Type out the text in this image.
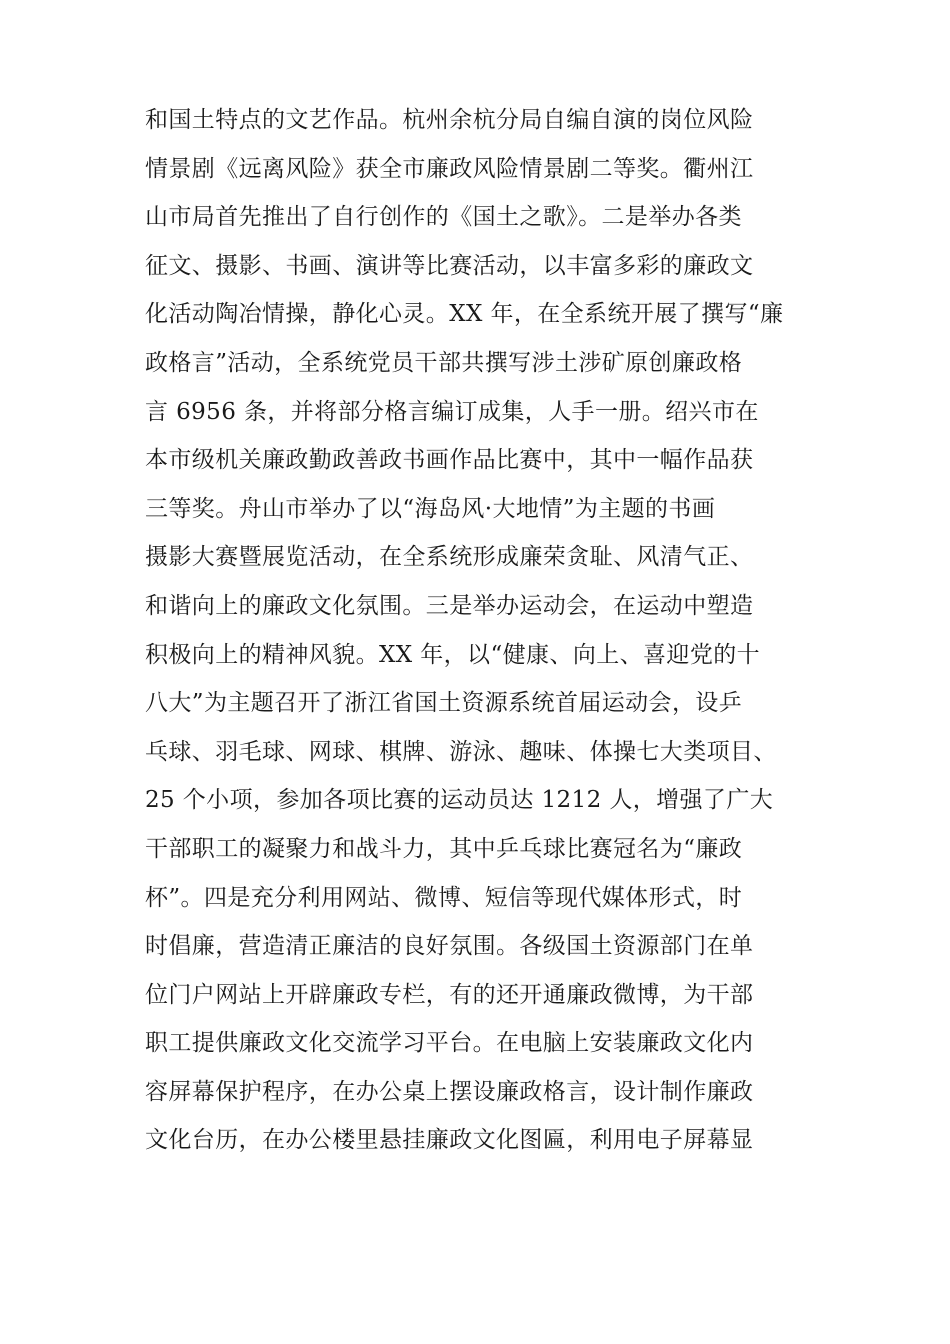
和国土特点的文艺作品。杭州余杭分局自编自演的岗位风险
情景剧《远离风险》获全市廉政风险情景剧二等奖。衢州江
山市局首先推出了自行创作的《国土之歌》。二是举办各类
征文、摄影、书画、演讲等比赛活动，以丰富多彩的廉政文
化活动陶冶情操，静化心灵。XX 年，在全系统开展了撰写“廉
政格言”活动，全系统党员干部共撰写涉土涉矿原创廉政格
言 6956 条，并将部分格言编订成集，人手一册。绍兴市在
本市级机关廉政勤政善政书画作品比赛中，其中一幅作品获
三等奖。舟山市举办了以“海岛风·大地情”为主题的书画
摄影大赛暨展览活动，在全系统形成廉荣贪耻、风清气正、
和谐向上的廉政文化氛围。三是举办运动会，在运动中塑造
积极向上的精神风貌。XX 年，以“健康、向上、喜迎党的十
八大”为主题召开了浙江省国土资源系统首届运动会，设乒
乓球、羽毛球、网球、棋牌、游泳、趣味、体操七大类项目、
25 个小项，参加各项比赛的运动员达 1212 人，增强了广大
干部职工的凝聚力和战斗力，其中乒乓球比赛冠名为“廉政
杯”。四是充分利用网站、微博、短信等现代媒体形式，时
时倡廉，营造清正廉洁的良好氛围。各级国土资源部门在单
位门户网站上开辟廉政专栏，有的还开通廉政微博，为干部
职工提供廉政文化交流学习平台。在电脑上安装廉政文化内
容屏幕保护程序，在办公桌上摆设廉政格言，设计制作廉政
文化台历，在办公楼里悬挂廉政文化图匾，利用电子屏幕显
